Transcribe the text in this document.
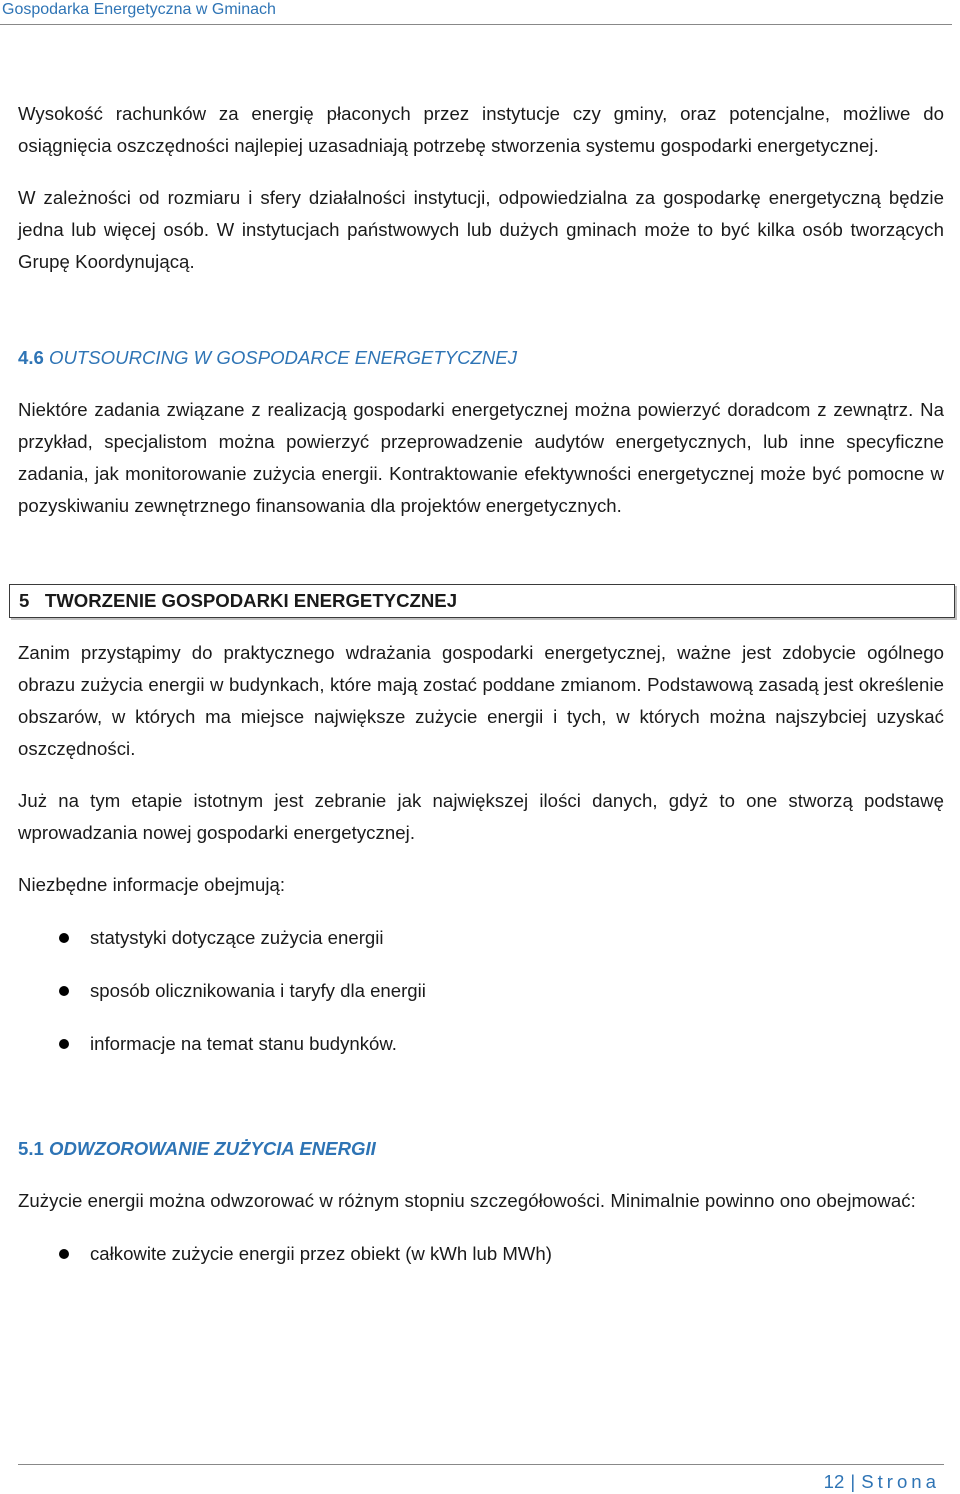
Gospodarka Energetyczna w Gminach

Wysokość rachunków za energię płaconych przez instytucje czy gminy, oraz potencjalne, możliwe do osiągnięcia oszczędności najlepiej uzasadniają potrzebę stworzenia systemu gospodarki energetycznej.

W zależności od rozmiaru i sfery działalności instytucji, odpowiedzialna za gospodarkę energetyczną będzie jedna lub więcej osób. W instytucjach państwowych lub dużych gminach może to być kilka osób tworzących Grupę Koordynującą.

4.6 OUTSOURCING W GOSPODARCE ENERGETYCZNEJ

Niektóre zadania związane z realizacją gospodarki energetycznej można powierzyć doradcom z zewnątrz. Na przykład, specjalistom można powierzyć przeprowadzenie audytów energetycznych, lub inne specyficzne zadania, jak monitorowanie zużycia energii. Kontraktowanie efektywności energetycznej może być pomocne w pozyskiwaniu zewnętrznego finansowania dla projektów energetycznych.

5   TWORZENIE GOSPODARKI ENERGETYCZNEJ

Zanim przystąpimy do praktycznego wdrażania gospodarki energetycznej, ważne jest zdobycie ogólnego obrazu zużycia energii w budynkach, które mają zostać poddane zmianom. Podstawową zasadą jest określenie obszarów, w których ma miejsce największe zużycie energii i tych, w których można najszybciej uzyskać oszczędności.

Już na tym etapie istotnym jest zebranie jak największej ilości danych, gdyż to one stworzą podstawę wprowadzania nowej gospodarki energetycznej.

Niezbędne informacje obejmują:

statystyki dotyczące zużycia energii
sposób olicznikowania i taryfy dla energii
informacje na temat stanu budynków.
5.1 ODWZOROWANIE ZUŻYCIA ENERGII

Zużycie energii można odwzorować w różnym stopniu szczegółowości. Minimalnie powinno ono obejmować:

całkowite zużycie energii przez obiekt (w kWh lub MWh)
12 | Strona
